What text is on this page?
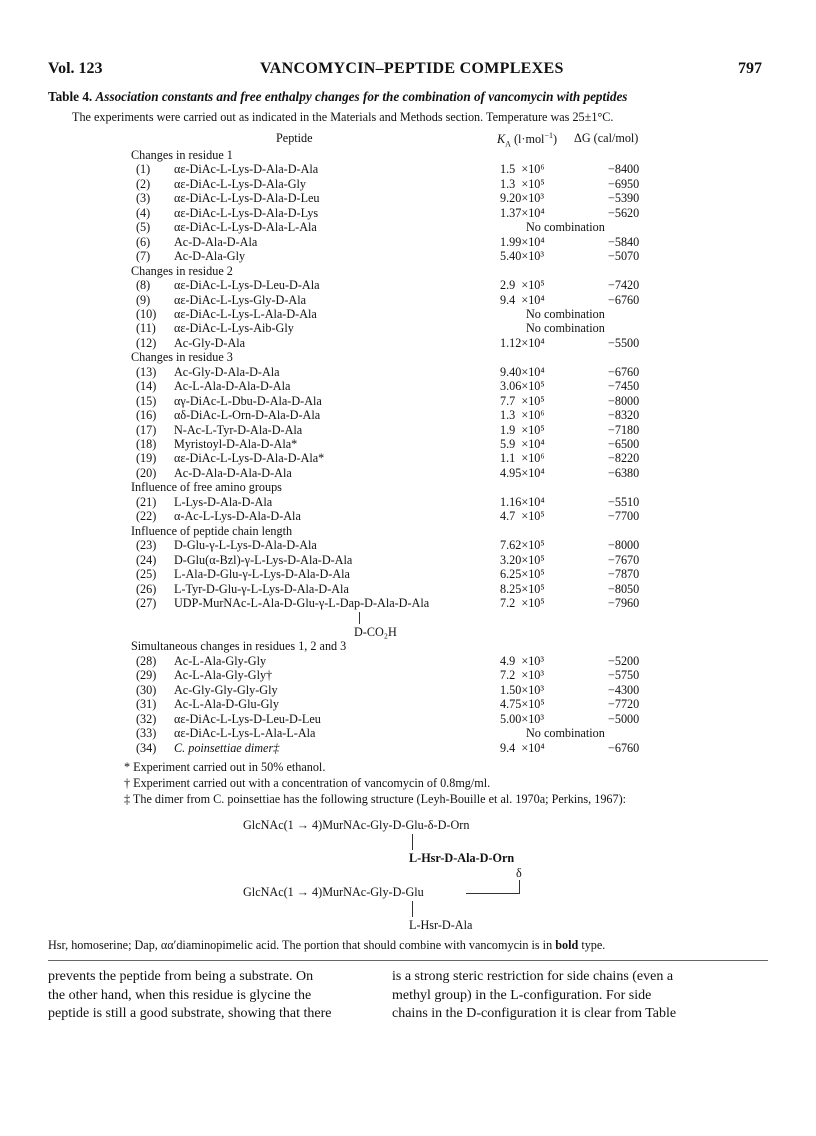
Vol. 123	VANCOMYCIN–PEPTIDE COMPLEXES	797
Table 4. Association constants and free enthalpy changes for the combination of vancomycin with peptides
The experiments were carried out as indicated in the Materials and Methods section. Temperature was 25±1°C.
Peptide	$K_A$ (l·mol$^{-1}$) ΔG (cal/mol)
Changes in residue 1
(1) αε-DiAc-L-Lys-D-Ala-D-Ala	1.5  ×10⁶	−8400
(2) αε-DiAc-L-Lys-D-Ala-Gly	1.3  ×10⁵	−6950
(3) αε-DiAc-L-Lys-D-Ala-D-Leu	9.20×10³	−5390
(4) αε-DiAc-L-Lys-D-Ala-D-Lys	1.37×10⁴	−5620
(5) αε-DiAc-L-Lys-D-Ala-L-Ala	No combination
(6) Ac-D-Ala-D-Ala	1.99×10⁴	−5840
(7) Ac-D-Ala-Gly	5.40×10³	−5070
Changes in residue 2
(8) αε-DiAc-L-Lys-D-Leu-D-Ala	2.9  ×10⁵	−7420
(9) αε-DiAc-L-Lys-Gly-D-Ala	9.4  ×10⁴	−6760
(10) αε-DiAc-L-Lys-L-Ala-D-Ala	No combination
(11) αε-DiAc-L-Lys-Aib-Gly	No combination
(12) Ac-Gly-D-Ala	1.12×10⁴	−5500
Changes in residue 3
(13) Ac-Gly-D-Ala-D-Ala	9.40×10⁴	−6760
(14) Ac-L-Ala-D-Ala-D-Ala	3.06×10⁵	−7450
(15) αγ-DiAc-L-Dbu-D-Ala-D-Ala	7.7  ×10⁵	−8000
(16) αδ-DiAc-L-Orn-D-Ala-D-Ala	1.3  ×10⁶	−8320
(17) N-Ac-L-Tyr-D-Ala-D-Ala	1.9  ×10⁵	−7180
(18) Myristoyl-D-Ala-D-Ala*	5.9  ×10⁴	−6500
(19) αε-DiAc-L-Lys-D-Ala-D-Ala*	1.1  ×10⁶	−8220
(20) Ac-D-Ala-D-Ala-D-Ala	4.95×10⁴	−6380
Influence of free amino groups
(21) L-Lys-D-Ala-D-Ala	1.16×10⁴	−5510
(22) α-Ac-L-Lys-D-Ala-D-Ala	4.7  ×10⁵	−7700
Influence of peptide chain length
(23) D-Glu-γ-L-Lys-D-Ala-D-Ala	7.62×10⁵	−8000
(24) D-Glu(α-Bzl)-γ-L-Lys-D-Ala-D-Ala	3.20×10⁵	−7670
(25) L-Ala-D-Glu-γ-L-Lys-D-Ala-D-Ala	6.25×10⁵	−7870
(26) L-Tyr-D-Glu-γ-L-Lys-D-Ala-D-Ala	8.25×10⁵	−8050
(27) UDP-MurNAc-L-Ala-D-Glu-γ-L-Dap-D-Ala-D-Ala	7.2  ×10⁵	−7960
Simultaneous changes in residues 1, 2 and 3
(28) Ac-L-Ala-Gly-Gly	4.9  ×10³	−5200
(29) Ac-L-Ala-Gly-Gly†	7.2  ×10³	−5750
(30) Ac-Gly-Gly-Gly-Gly	1.50×10³	−4300
(31) Ac-L-Ala-D-Glu-Gly	4.75×10⁵	−7720
(32) αε-DiAc-L-Lys-D-Leu-D-Leu	5.00×10³	−5000
(33) αε-DiAc-L-Lys-L-Ala-L-Ala	No combination
(34) C. poinsettiae dimer‡	9.4  ×10⁴	−6760
D-CO₂H
* Experiment carried out in 50% ethanol.
† Experiment carried out with a concentration of vancomycin of 0.8mg/ml.
‡ The dimer from C. poinsettiae has the following structure (Leyh-Bouille et al. 1970a; Perkins, 1967):
GlcNAc(1 → 4)MurNAc-Gly-D-Glu-δ-D-Orn
L-Hsr-D-Ala-D-Orn
δ
GlcNAc(1 → 4)MurNAc-Gly-D-Glu
L-Hsr-D-Ala
Hsr, homoserine; Dap, αα′diaminopimelic acid. The portion that should combine with vancomycin is in bold type.
prevents the peptide from being a substrate. On
the other hand, when this residue is glycine the
peptide is still a good substrate, showing that there
is a strong steric restriction for side chains (even a
methyl group) in the L-configuration. For side
chains in the D-configuration it is clear from Table
